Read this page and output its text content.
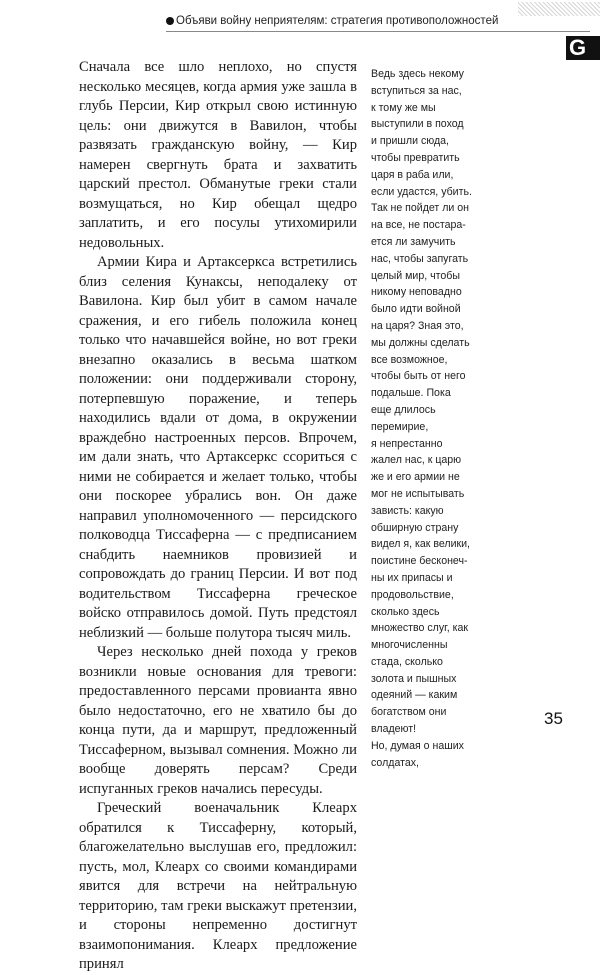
Объяви войну неприятелям: стратегия противоположностей
G

Сначала все шло неплохо, но спустя несколько месяцев, когда армия уже зашла в глубь Персии, Кир открыл свою истинную цель: они движутся в Вавилон, чтобы развязать гражданскую войну, — Кир намерен свергнуть брата и захватить царский престол. Обманутые греки стали возмущаться, но Кир обещал щедро заплатить, и его посулы утихомирили недовольных.

Армии Кира и Артаксеркса встретились близ селения Кунаксы, неподалеку от Вавилона. Кир был убит в самом начале сражения, и его гибель положила конец только что начавшейся войне, но вот греки внезапно оказались в весьма шатком положении: они поддерживали сторону, потерпевшую поражение, и теперь находились вдали от дома, в окружении враждебно настроенных персов. Впрочем, им дали знать, что Артаксеркс ссориться с ними не собирается и желает только, чтобы они поскорее убрались вон. Он даже направил уполномоченного — персидского полководца Тиссаферна — с предписанием снабдить наемников провизией и сопровождать до границ Персии. И вот под водительством Тиссаферна греческое войско отправилось домой. Путь предстоял неблизкий — больше полутора тысяч миль.

Через несколько дней похода у греков возникли новые основания для тревоги: предоставленного персами провианта явно было недостаточно, его не хватило бы до конца пути, да и маршрут, предложенный Тиссаферном, вызывал сомнения. Можно ли вообще доверять персам? Среди испуганных греков начались пересуды.

Греческий военачальник Клеарх обратился к Тиссаферну, который, благожелательно выслушав его, предложил: пусть, мол, Клеарх со своими командирами явится для встречи на нейтральную территорию, там греки выскажут претензии, и стороны непременно достигнут взаимопонимания. Клеарх предложение принял

Ведь здесь некому
вступиться за нас,
к тому же мы
выступили в поход
и пришли сюда,
чтобы превратить
царя в раба или,
если удастся, убить.
Так не пойдет ли он
на все, не постара-
ется ли замучить
нас, чтобы запугать
целый мир, чтобы
никому неповадно
было идти войной
на царя? Зная это,
мы должны сделать
все возможное,
чтобы быть от него
подальше. Пока
еще длилось
перемирие,
я непрестанно
жалел нас, к царю
же и его армии не
мог не испытывать
зависть: какую
обширную страну
видел я, как велики,
поистине бесконеч-
ны их припасы и
продовольствие,
сколько здесь
множество слуг, как
многочисленны
стада, сколько
золота и пышных
одеяний — каким
богатством они
владеют!
Но, думая о наших
солдатах,
35
